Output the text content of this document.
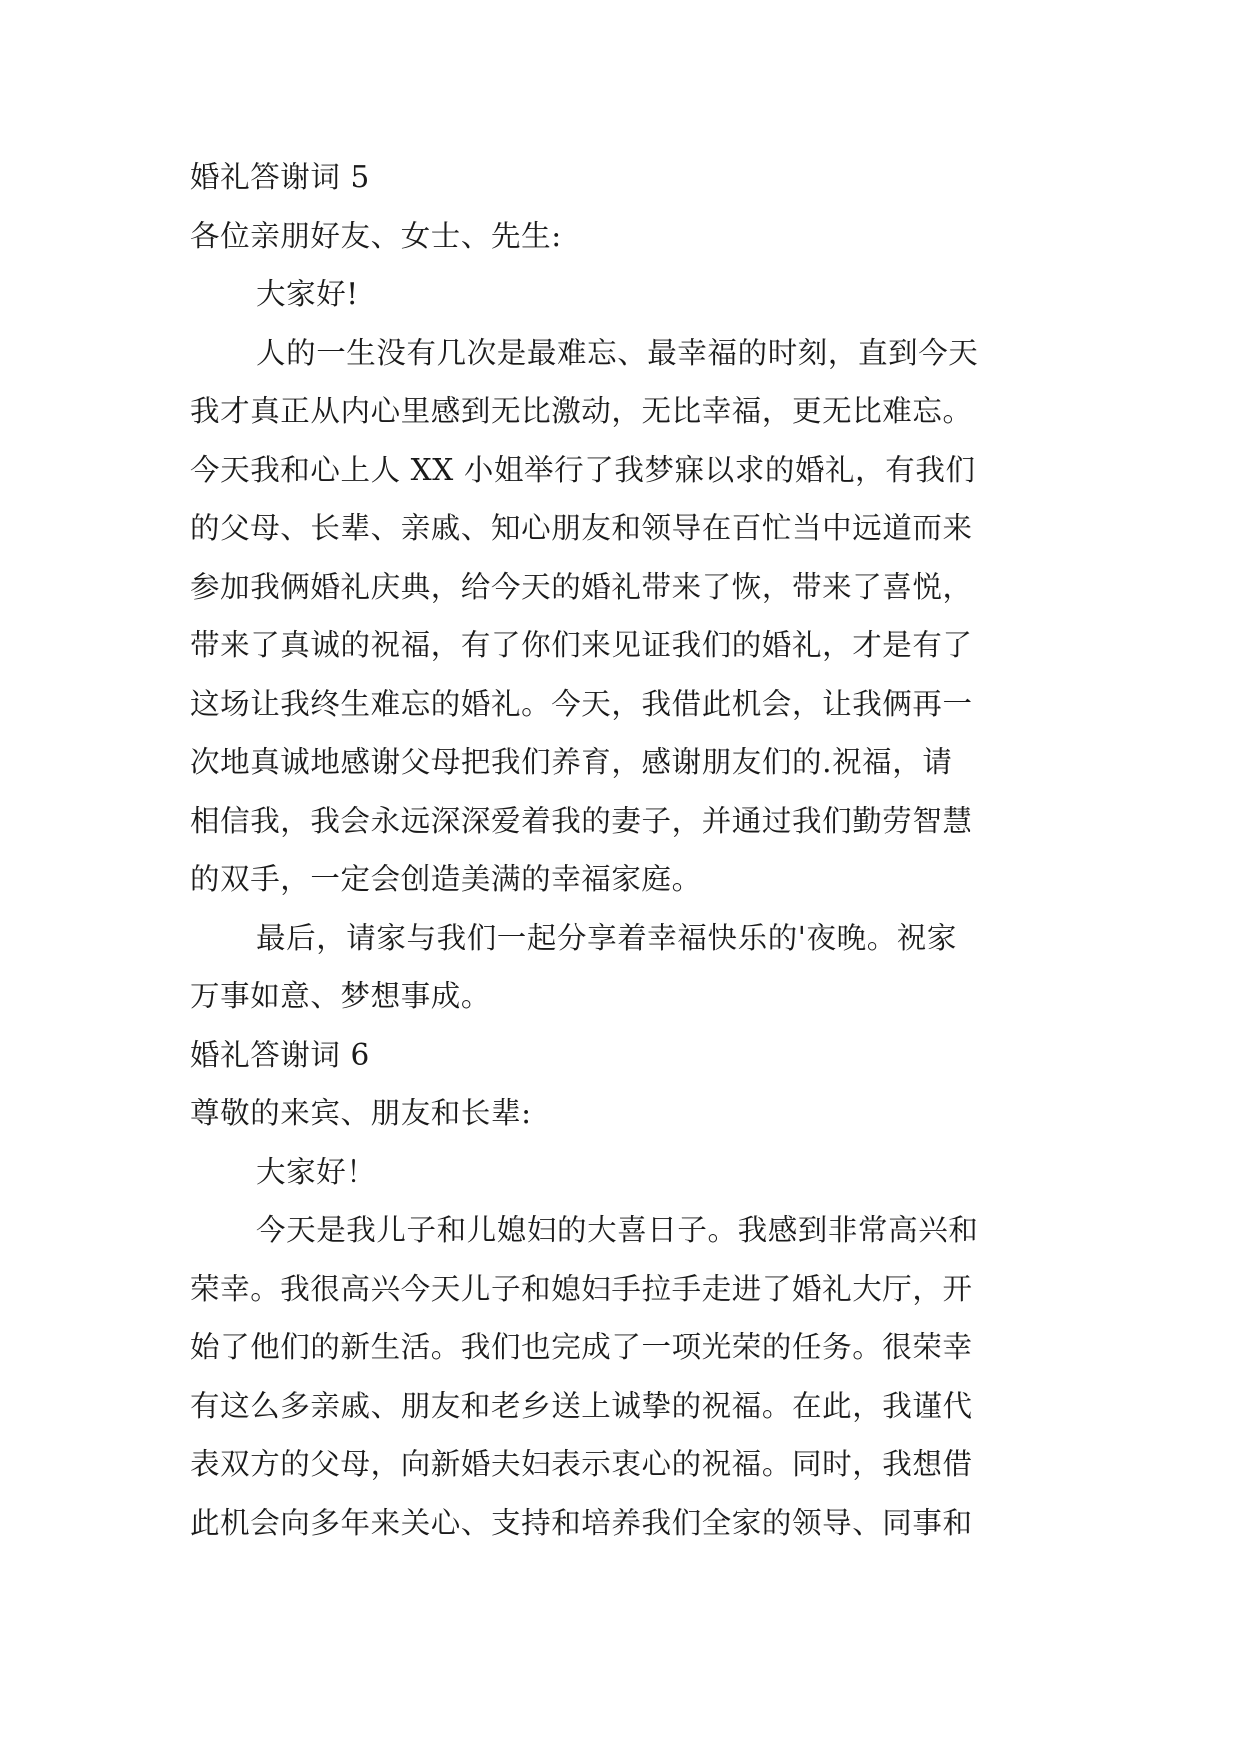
婚礼答谢词 5
各位亲朋好友、女士、先生:
大家好!
人的一生没有几次是最难忘、最幸福的时刻，直到今天
我才真正从内心里感到无比激动，无比幸福，更无比难忘。
今天我和心上人 XX 小姐举行了我梦寐以求的婚礼，有我们
的父母、长辈、亲戚、知心朋友和领导在百忙当中远道而来
参加我俩婚礼庆典，给今天的婚礼带来了恢，带来了喜悦，
带来了真诚的祝福，有了你们来见证我们的婚礼，才是有了
这场让我终生难忘的婚礼。今天，我借此机会，让我俩再一
次地真诚地感谢父母把我们养育，感谢朋友们的.祝福，请
相信我，我会永远深深爱着我的妻子，并通过我们勤劳智慧
的双手，一定会创造美满的幸福家庭。
最后，请家与我们一起分享着幸福快乐的'夜晚。祝家
万事如意、梦想事成。
婚礼答谢词 6
尊敬的来宾、朋友和长辈:
大家好！
今天是我儿子和儿媳妇的大喜日子。我感到非常高兴和
荣幸。我很高兴今天儿子和媳妇手拉手走进了婚礼大厅，开
始了他们的新生活。我们也完成了一项光荣的任务。很荣幸
有这么多亲戚、朋友和老乡送上诚挚的祝福。在此，我谨代
表双方的父母，向新婚夫妇表示衷心的祝福。同时，我想借
此机会向多年来关心、支持和培养我们全家的领导、同事和
